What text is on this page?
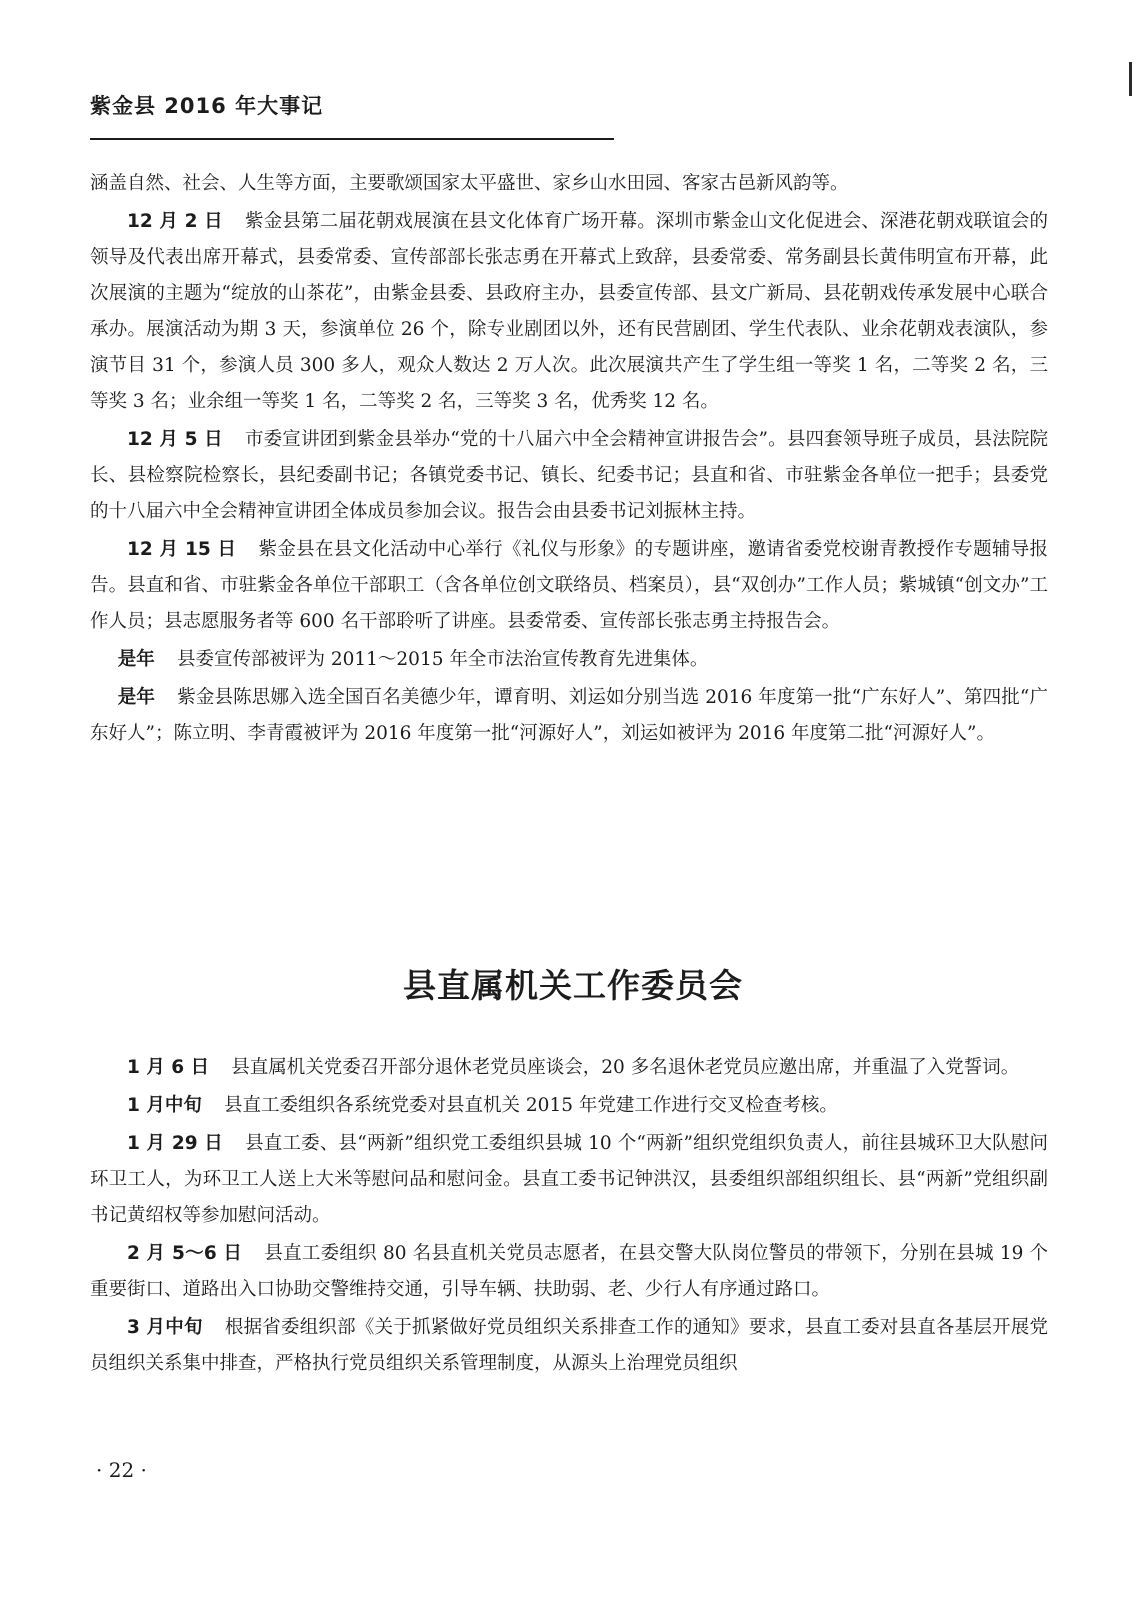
紫金县 2016 年大事记

涵盖自然、社会、人生等方面，主要歌颂国家太平盛世、家乡山水田园、客家古邑新风韵等。

12 月 2 日 紫金县第二届花朝戏展演在县文化体育广场开幕。深圳市紫金山文化促进会、深港花朝戏联谊会的领导及代表出席开幕式，县委常委、宣传部部长张志勇在开幕式上致辞，县委常委、常务副县长黄伟明宣布开幕，此次展演的主题为“绽放的山茶花”，由紫金县委、县政府主办，县委宣传部、县文广新局、县花朝戏传承发展中心联合承办。展演活动为期 3 天，参演单位 26 个，除专业剧团以外，还有民营剧团、学生代表队、业余花朝戏表演队，参演节目 31 个，参演人员 300 多人，观众人数达 2 万人次。此次展演共产生了学生组一等奖 1 名，二等奖 2 名，三等奖 3 名；业余组一等奖 1 名，二等奖 2 名，三等奖 3 名，优秀奖 12 名。

12 月 5 日 市委宣讲团到紫金县举办“党的十八届六中全会精神宣讲报告会”。县四套领导班子成员，县法院院长、县检察院检察长，县纪委副书记；各镇党委书记、镇长、纪委书记；县直和省、市驻紫金各单位一把手；县委党的十八届六中全会精神宣讲团全体成员参加会议。报告会由县委书记刘振林主持。

12 月 15 日 紫金县在县文化活动中心举行《礼仪与形象》的专题讲座，邀请省委党校谢青教授作专题辅导报告。县直和省、市驻紫金各单位干部职工（含各单位创文联络员、档案员），县“双创办”工作人员；紫城镇“创文办”工作人员；县志愿服务者等 600 名干部聆听了讲座。县委常委、宣传部长张志勇主持报告会。

是年 县委宣传部被评为 2011～2015 年全市法治宣传教育先进集体。

是年 紫金县陈思娜入选全国百名美德少年，谭育明、刘运如分别当选 2016 年度第一批“广东好人”、第四批“广东好人”；陈立明、李青霞被评为 2016 年度第一批“河源好人”，刘运如被评为 2016 年度第二批“河源好人”。

县直属机关工作委员会

1 月 6 日 县直属机关党委召开部分退休老党员座谈会，20 多名退休老党员应邀出席，并重温了入党誓词。

1 月中旬 县直工委组织各系统党委对县直机关 2015 年党建工作进行交叉检查考核。

1 月 29 日 县直工委、县“两新”组织党工委组织县城 10 个“两新”组织党组织负责人，前往县城环卫大队慰问环卫工人，为环卫工人送上大米等慰问品和慰问金。县直工委书记钟洪汉，县委组织部组织组长、县“两新”党组织副书记黄绍权等参加慰问活动。

2 月 5～6 日 县直工委组织 80 名县直机关党员志愿者，在县交警大队岗位警员的带领下，分别在县城 19 个重要街口、道路出入口协助交警维持交通，引导车辆、扶助弱、老、少行人有序通过路口。

3 月中旬 根据省委组织部《关于抓紧做好党员组织关系排查工作的通知》要求，县直工委对县直各基层开展党员组织关系集中排查，严格执行党员组织关系管理制度，从源头上治理党员组织

· 22 ·
